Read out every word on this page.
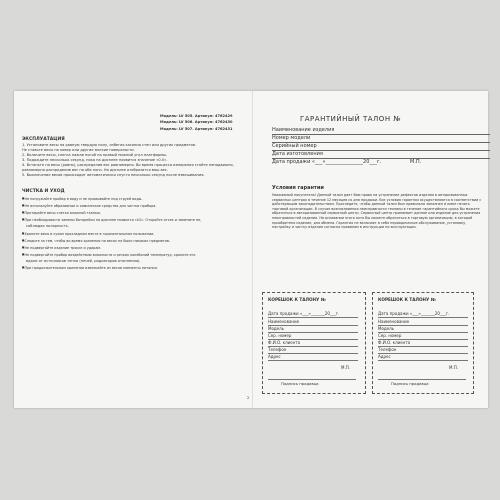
Модель: LV 505. Артикул: 4762429
Модель: LV 506. Артикул: 4762430
Модель: LV 507. Артикул: 4762431
ЭКСПЛУАТАЦИЯ
1. Установите весы на ровную твердую полу, избегая касания стен или других предметов.
Не ставьте весы на ковер или другие мягкие поверхности.
2. Включите весы, слегка нажав ногой на правый нижний угол платформы.
3. Подождите несколько секунд, пока на дисплее появится значение «0.0».
4. Встаньте на весы (ровно), распределив вес равномерно. Во время процесса измерения стойте неподвижно,
равномерно распределив вес на обе ноги. На дисплее отобразится ваш вес.
5. Выключение весов происходит автоматически спустя несколько секунд после взвешивания.
ЧИСТКА И УХОД
■ Не погружайте прибор в воду и не промывайте под струей воды.
■ Не используйте абразивные и химические средства для чистки прибора.
■ Протирайте весы слегка влажной тканью.
■ При необходимости замены батарейки на дисплее появится «LO». Откройте отсек и замените ее,
соблюдая полярность.
■ Храните весы в сухом прохладном месте в горизонтальном положении.
■ Следите за тем, чтобы во время хранения на весах не было никаких предметов.
■ Не подвергайте изделие тряске и ударам.
■ Не подвергайте прибор воздействию влажности и резких колебаний температур, храните его
вдали от источников тепла (печей, радиаторов отопления).
■ При продолжительном хранении извлекайте из весов элементы питания.
2
ГАРАНТИЙНЫЙ ТАЛОН №
Наименование изделия
Номер модели
Серийный номер
Дата изготовления
Дата продажи «___»_______________20___г.	М.П.
Условия гарантии
Уважаемый покупатель! Данный талон дает Вам право на устранение дефектов изделия в авторизованных сервисных центрах в течение 12 месяцев со дня продажи. Все условия гарантии осуществляются в соответствии с действующим законодательством. Проследите, чтобы данный талон был правильно заполнен и имел печать торговой организации. В случае возникновения неисправности техники в течение гарантийного срока Вы можете обратиться в авторизованный сервисный центр. Сервисный центр принимает данное или изделие для устранения неисправностей изделия. На основании этого акта Вы можете обратиться в торговую организацию, в которой приобретено изделие, для обмена. Гарантия не включает в себя периодическое обслуживание, установку, настройку и чистку изделия согласно правилам в инструкции по эксплуатации.
КОРЕШОК К ТАЛОНУ №
Дата продажи «___»_______20___г.
Наименование
Модель
Сер. номер
Ф.И.О. клиента
Телефон
Адрес
М.П.
Подпись продавца
КОРЕШОК К ТАЛОНУ №
Дата продажи «___»_______20___г.
Наименование
Модель
Сер. номер
Ф.И.О. клиента
Телефон
Адрес
М.П.
Подпись продавца
